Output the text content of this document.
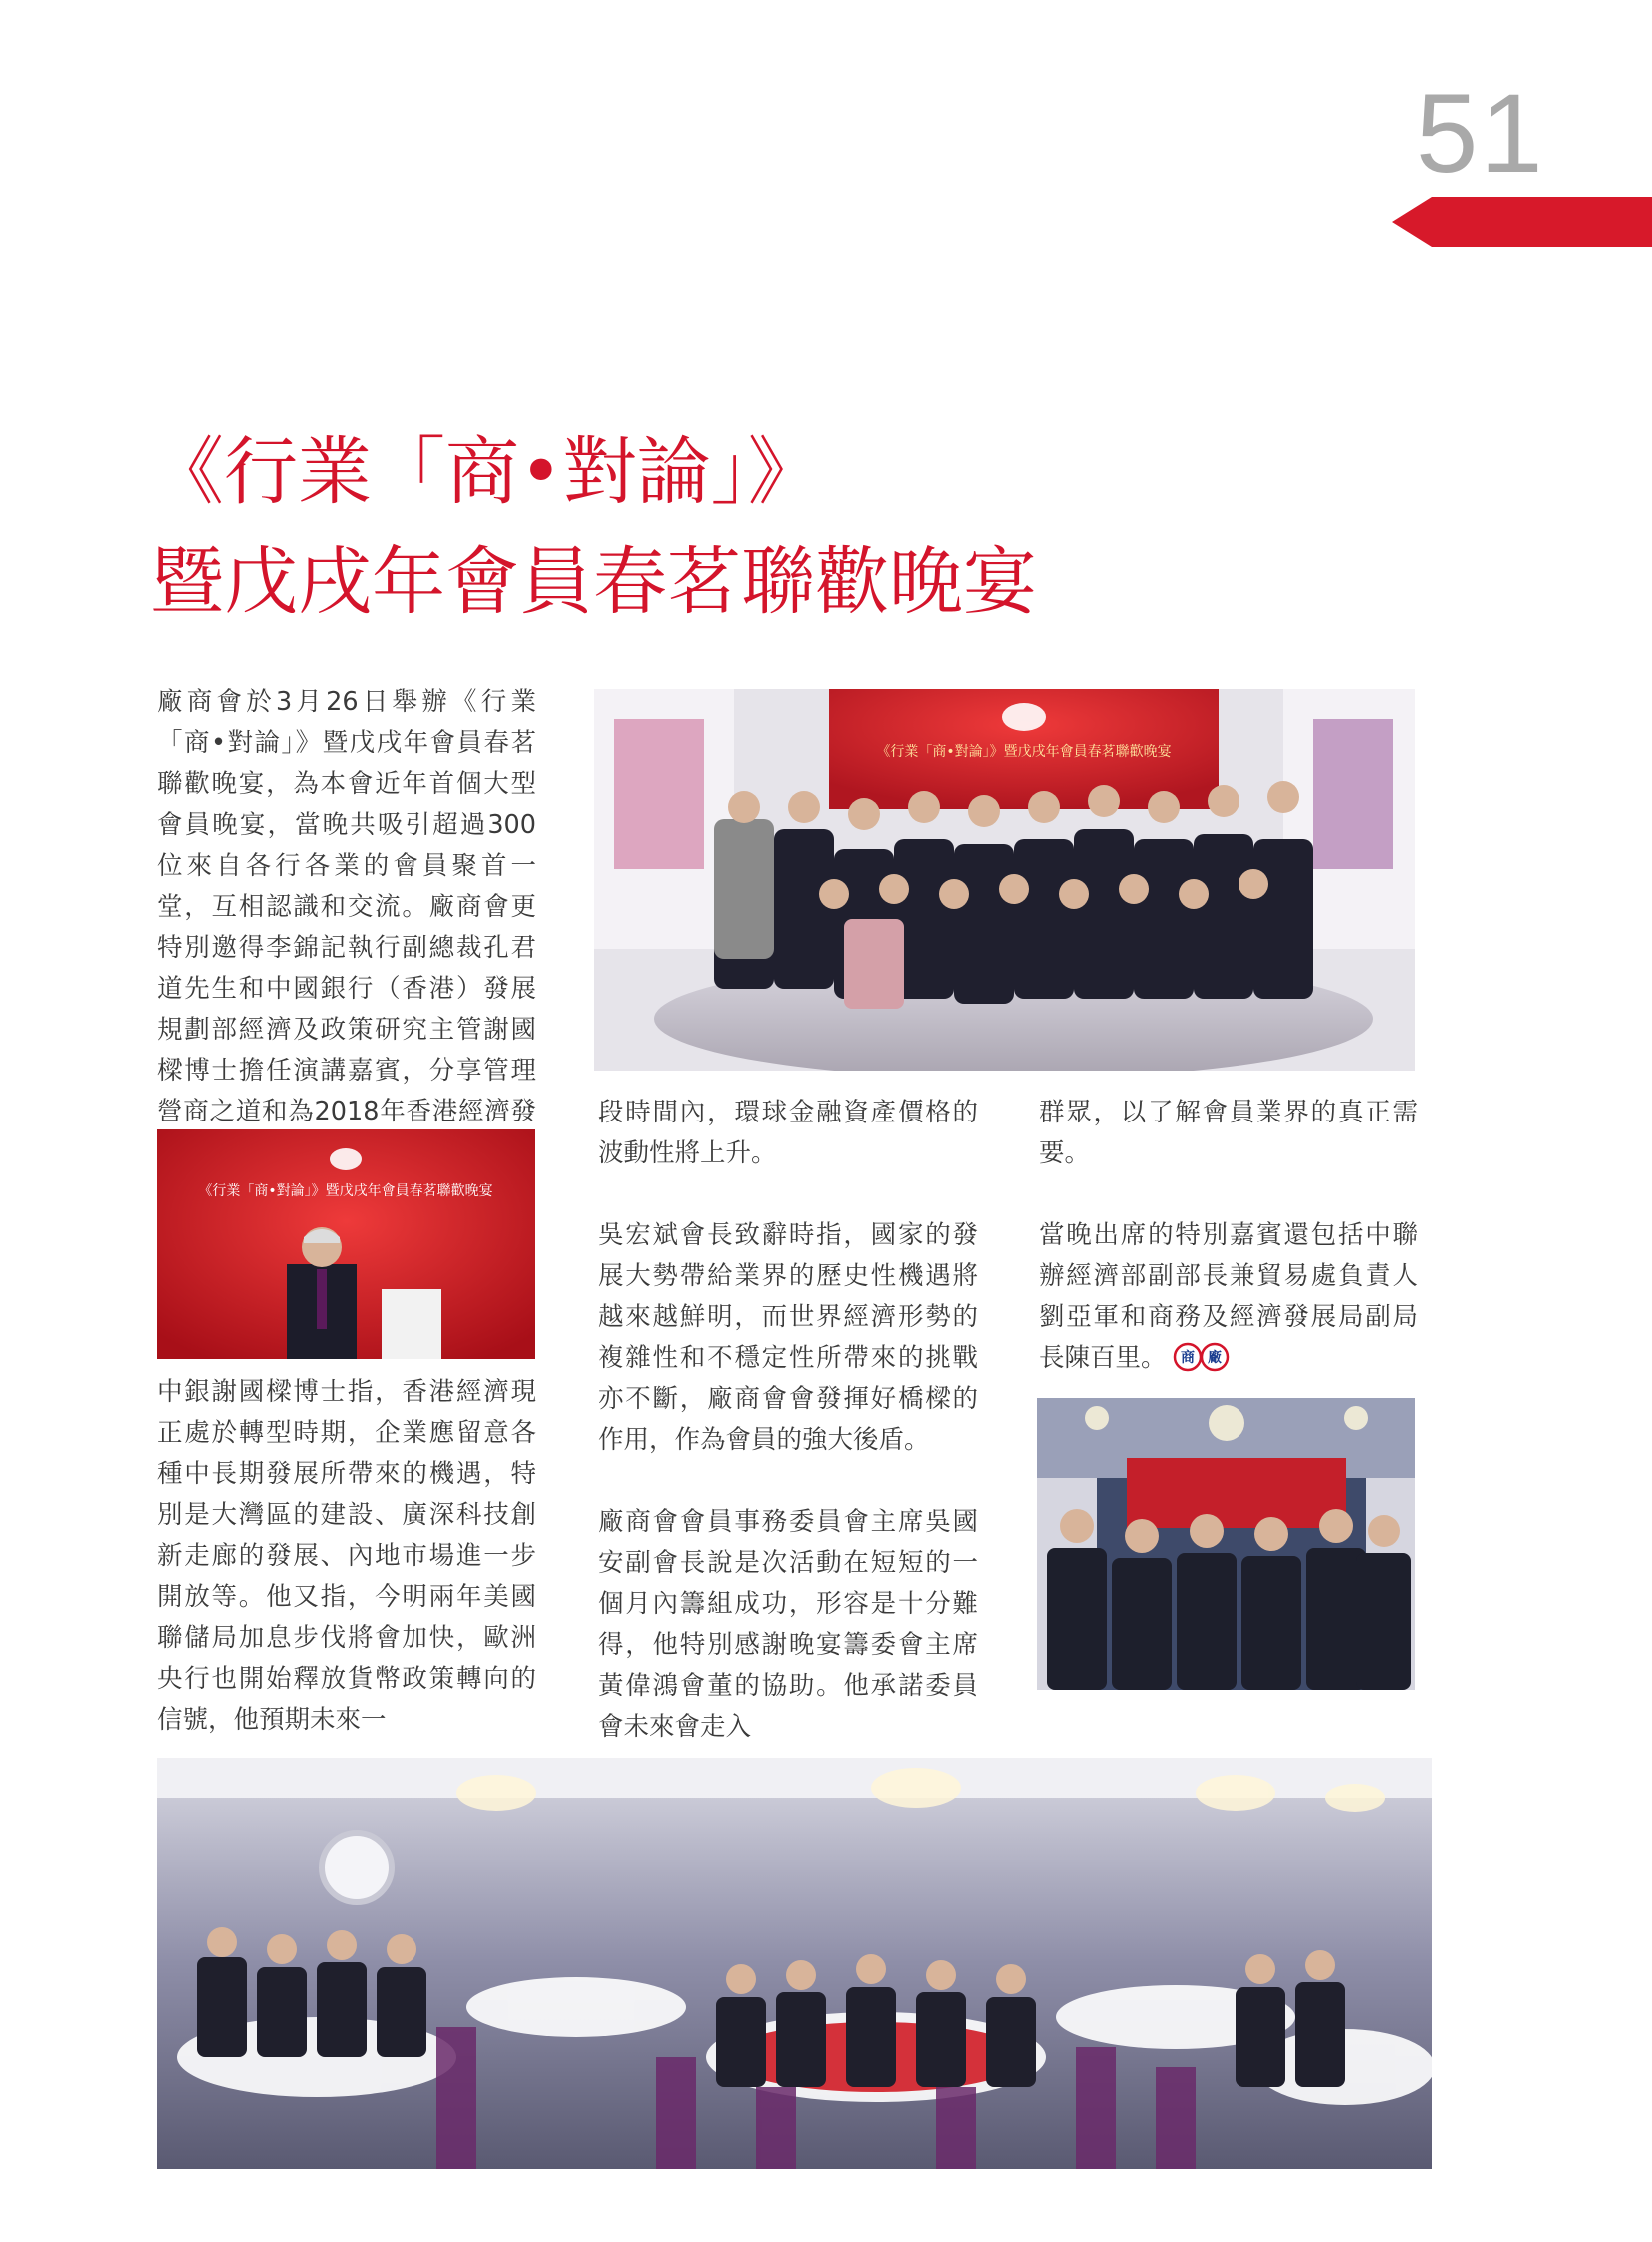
51
《行業「商•對論」》
暨戊戌年會員春茗聯歡晚宴

廠商會於3月26日舉辦《行業「商•對論」》暨戊戌年會員春茗聯歡晚宴，為本會近年首個大型會員晚宴，當晚共吸引超過300位來自各行各業的會員聚首一堂，互相認識和交流。廠商會更特別邀得李錦記執行副總裁孔君道先生和中國銀行（香港）發展規劃部經濟及政策研究主管謝國樑博士擔任演講嘉賓，分享管理營商之道和為2018年香港經濟發

《行業「商•對論」》暨戊戌年會員春茗聯歡晚宴

中銀謝國樑博士指，香港經濟現正處於轉型時期，企業應留意各種中長期發展所帶來的機遇，特別是大灣區的建設、廣深科技創新走廊的發展、內地市場進一步開放等。他又指，今明兩年美國聯儲局加息步伐將會加快，歐洲央行也開始釋放貨幣政策轉向的信號，他預期未來一

《行業「商•對論」》暨戊戌年會員春茗聯歡晚宴

段時間內，環球金融資產價格的波動性將上升。

吳宏斌會長致辭時指，國家的發展大勢帶給業界的歷史性機遇將越來越鮮明，而世界經濟形勢的複雜性和不穩定性所帶來的挑戰亦不斷，廠商會會發揮好橋樑的作用，作為會員的強大後盾。

廠商會會員事務委員會主席吳國安副會長說是次活動在短短的一個月內籌組成功，形容是十分難得，他特別感謝晚宴籌委會主席黃偉鴻會董的協助。他承諾委員會未來會走入

群眾，以了解會員業界的真正需要。

當晚出席的特別嘉賓還包括中聯辦經濟部副部長兼貿易處負責人劉亞軍和商務及經濟發展局副局長陳百里。 商 廠
